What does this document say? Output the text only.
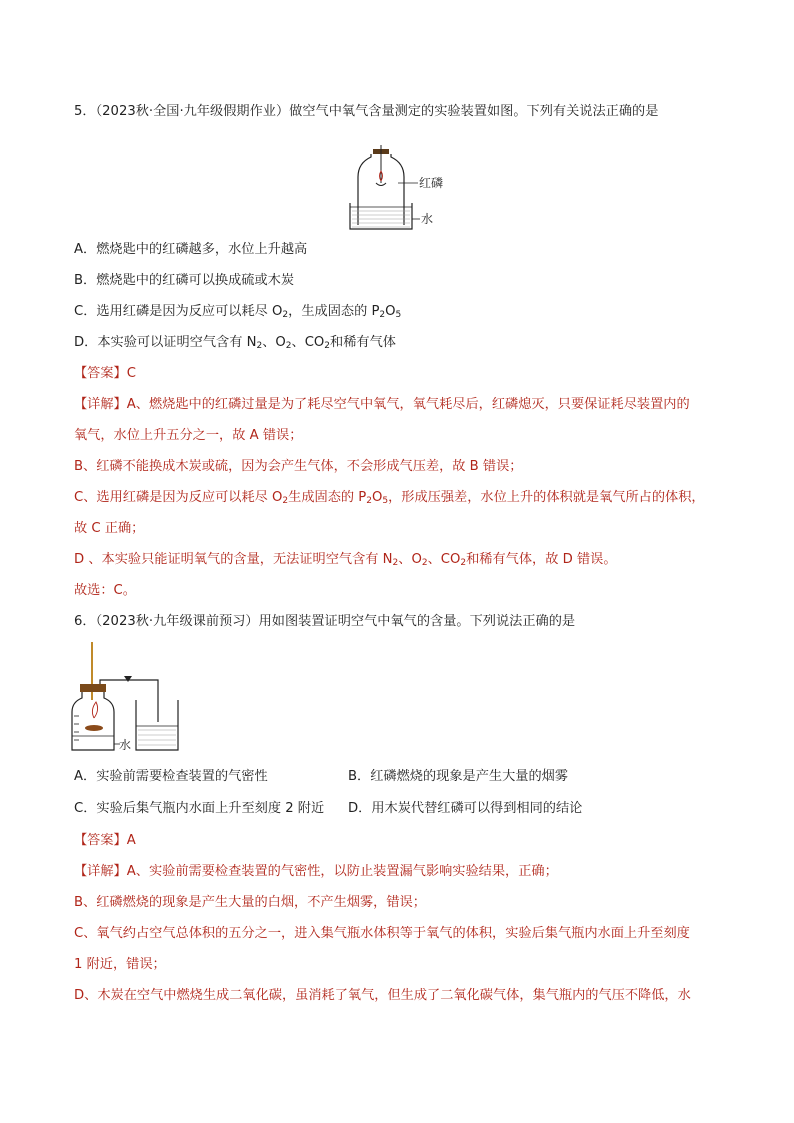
5．（2023秋·全国·九年级假期作业）做空气中氧气含量测定的实验装置如图。下列有关说法正确的是
红磷
水
A．燃烧匙中的红磷越多，水位上升越高
B．燃烧匙中的红磷可以换成硫或木炭
C．选用红磷是因为反应可以耗尽 $O_2$，生成固态的 $P_2O_5$
D．本实验可以证明空气含有 $N_2$、$O_2$、$CO_2$和稀有气体
【答案】C
【详解】A、燃烧匙中的红磷过量是为了耗尽空气中氧气，氧气耗尽后，红磷熄灭，只要保证耗尽装置内的
氧气，水位上升五分之一，故 A 错误；
B、红磷不能换成木炭或硫，因为会产生气体，不会形成气压差，故 B 错误；
C、选用红磷是因为反应可以耗尽 $O_2$生成固态的 $P_2O_5$，形成压强差，水位上升的体积就是氧气所占的体积，
故 C 正确；
D 、本实验只能证明氧气的含量，无法证明空气含有 $N_2$、$O_2$、$CO_2$和稀有气体，故 D 错误。
故选：C。
6．（2023秋·九年级课前预习）用如图装置证明空气中氧气的含量。下列说法正确的是
水
A．实验前需要检查装置的气密性	B．红磷燃烧的现象是产生大量的烟雾
C．实验后集气瓶内水面上升至刻度 2 附近 D．用木炭代替红磷可以得到相同的结论
【答案】A
【详解】A、实验前需要检查装置的气密性，以防止装置漏气影响实验结果，正确；
B、红磷燃烧的现象是产生大量的白烟，不产生烟雾，错误；
C、氧气约占空气总体积的五分之一，进入集气瓶水体积等于氧气的体积，实验后集气瓶内水面上升至刻度
1 附近，错误；
D、木炭在空气中燃烧生成二氧化碳，虽消耗了氧气，但生成了二氧化碳气体，集气瓶内的气压不降低，水
